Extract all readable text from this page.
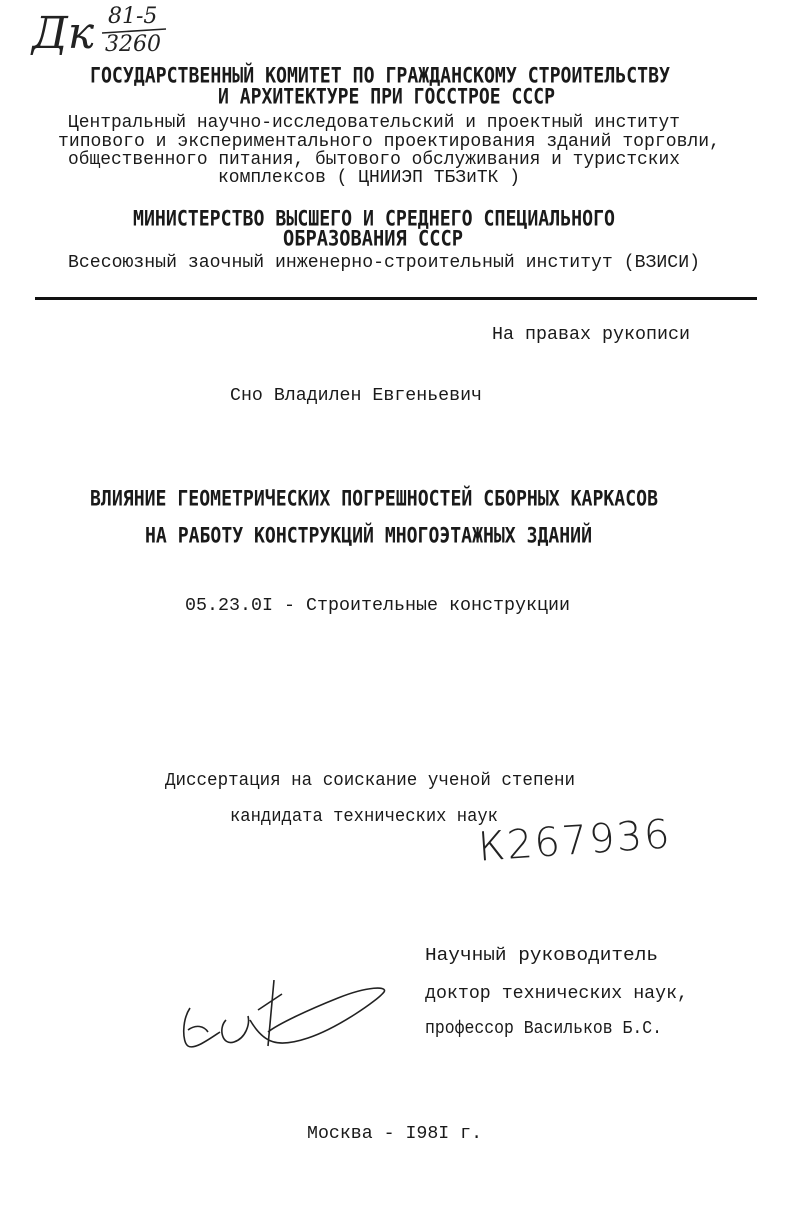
Дк 81-5
3260
ГОСУДАРСТВЕННЫЙ КОМИТЕТ ПО ГРАЖДАНСКОМУ СТРОИТЕЛЬСТВУ
И АРХИТЕКТУРЕ ПРИ ГОССТРОЕ СССР
Центральный научно-исследовательский и проектный институт
типового и экспериментального проектирования зданий торговли,
общественного питания, бытового обслуживания и туристских
комплексов ( ЦНИИЭП ТБЗиТК )
МИНИСТЕРСТВО ВЫСШЕГО И СРЕДНЕГО СПЕЦИАЛЬНОГО
ОБРАЗОВАНИЯ СССР
Всесоюзный заочный инженерно-строительный институт (ВЗИСИ)
На правах рукописи
Сно Владилен Евгеньевич
ВЛИЯНИЕ ГЕОМЕТРИЧЕСКИХ ПОГРЕШНОСТЕЙ СБОРНЫХ КАРКАСОВ
НА РАБОТУ КОНСТРУКЦИЙ МНОГОЭТАЖНЫХ ЗДАНИЙ
05.23.0I - Строительные конструкции
Диссертация на соискание ученой степени
кандидата технических наук
К267936
Научный руководитель
доктор технических наук,
профессор Васильков Б.С.
Москва - I98I г.
